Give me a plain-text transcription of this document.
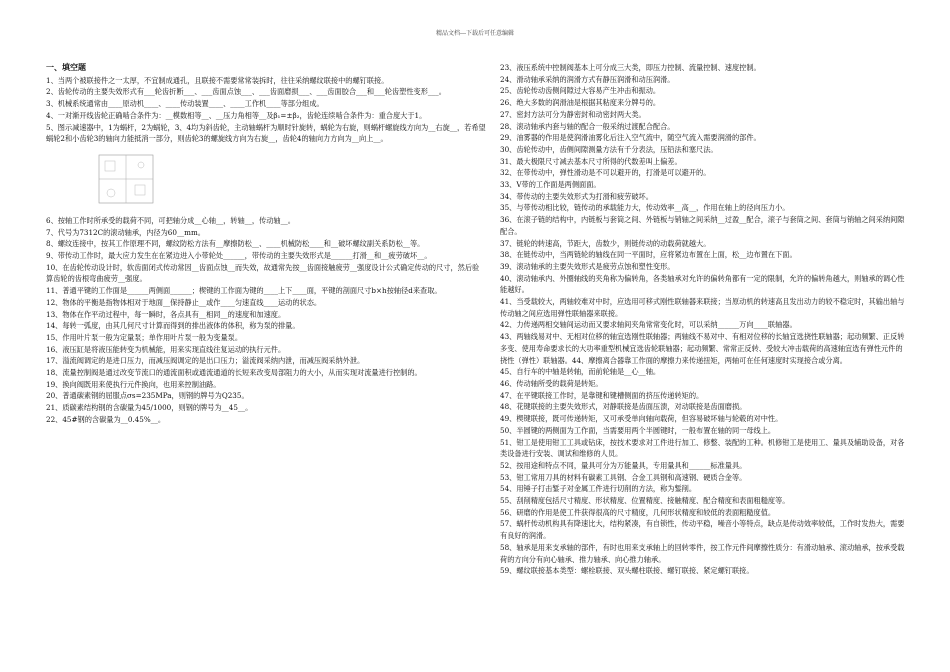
精品文档---下载后可任意编辑

一、填空题

1、当两个被联接件之一太厚，不宜制成通孔，且联接不需要常常装拆时，往往采纳螺纹联接中的螺钉联接。

2、齿轮传动的主要失效形式有___轮齿折断___、___齿面点蚀___、___齿面磨损___、___齿面胶合___和___轮齿塑性变形___。

3、机械系统通常由____原动机____、____传动装置____、____工作机____等部分组成。

4、一对渐开线齿轮正确啮合条件为：__模数相等__、__压力角相等__及β₁=±β₂，齿轮连续啮合条件为：重合度大于1。

5、图示减速器中，1为蜗杆，2为蜗轮，3、4均为斜齿轮，主动轴蜗杆为顺时针旋转，蜗轮为右旋，则蜗杆螺旋线方向为__右旋__，若希望蜗轮2和小齿轮3的轴向力能抵消一部分，则齿轮3的螺旋线方向为右旋__，齿轮4的轴向力方向为__向上__。

6、按轴工作时所承受的载荷不同，可把轴分成__心轴__，转轴__，传动轴__。

7、代号为7312C的滚动轴承，内径为60__mm。

8、螺纹连接中，按其工作原理不同，螺纹防松方法有__摩擦防松__、____机械防松____和__破坏螺纹副关系防松__等。

9、带传动工作时，最大应力发生在在紧边进入小带轮处______，带传动的主要失效形式是______打滑__和__疲劳破坏__。

10、在齿轮传动设计时，软齿面闭式传动常因__齿面点蚀__而失效，故通常先按__齿面接触疲劳__强度设计公式确定传动的尺寸，然后验算齿轮的齿根弯曲疲劳__强度。

11、普通平键的工作面是______两侧面______；楔键的工作面为键的____上下____面，平键的剖面尺寸b×h按轴径d来查取。

12、物体的平衡是指物体相对于地面__保持静止__或作____匀速直线____运动的状态。

13、物体在作平动过程中，每一瞬时，各点具有__相同__的速度和加速度。

14、每转一弧度，由其几何尺寸计算而得到的排出液体的体积，称为泵的排量。

15、作用叶片泵一般为定量泵；单作用叶片泵一般为变量泵。

16、液压缸是将液压能转变为机械能，用来实现直线往复运动的执行元件。

17、溢流阀调定的是进口压力，而减压阀调定的是出口压力；溢流阀采纳内泄，而减压阀采纳外泄。

18、流量控制阀是通过改变节流口的通流面积或通流通道的长短来改变局部阻力的大小，从而实现对流量进行控制的。

19、换向阀既用来使执行元件换向，也用来控制油路。

20、普通碳素钢的屈服点σs=235MPa，则钢的牌号为Q235。

21、质碳素结构钢的含碳量为45/1000，则钢的牌号为__45__。

22、45#钢的含碳量为__0.45%__。

23、液压系统中控制阀基本上可分成三大类，即压力控制、流量控制、速度控制。

24、滑动轴承采纳的润滑方式有静压润滑和动压润滑。

25、齿轮传动齿侧间隙过大容易产生冲击和振动。

26、绝大多数的润滑油是根据其粘度来分牌号的。

27、密封方法可分为静密封和动密封两大类。

28、滚动轴承内套与轴的配合一般采纳过渡配合配合。

29、油雾器的作用是使润滑油雾化后注入空气流中，随空气流入需要润滑的部件。

30、齿轮传动中，齿侧间隙测量方法有千分表法，压铅法和塞尺法。

31、最大极限尺寸减去基本尺寸所得的代数差叫上偏差。

32、在带传动中，弹性滑动是不可以避开的，打滑是可以避开的。

33、V带的工作面是两侧面面。

34、带传动的主要失效形式为打滑和疲劳破坏。

35、与带传动相比较，链传动的承载能力大，传动效率__高__，作用在轴上的径向压力小。

36、在滚子链的结构中，内链板与套筒之间、外链板与销轴之间采纳__过盈__配合，滚子与套筒之间、套筒与销轴之间采纳间隙配合。

37、链轮的转速高，节距大，齿数少，则链传动的动载荷就越大。

38、在链传动中，当两链轮的轴线在同一平面时，应将紧边布置在上面，松__边布置在下面。

39、滚动轴承的主要失效形式是疲劳点蚀和塑性变形。

40、滚动轴承内、外圈轴线的夹角称为偏转角，各类轴承对允许的偏转角都有一定的限制，允许的偏转角越大，则轴承的调心性能越好。

41、当受载较大，两轴较难对中时，应选用可移式刚性联轴器来联接；当原动机的转速高且发出动力的较不稳定时，其输出轴与传动轴之间应选用弹性联轴器来联接。

42、力传递两相交轴间运动而又要求轴间夹角常常变化时，可以采纳______万向____联轴器。

43、两轴线易对中、无相对位移的轴宜选刚性联轴器；两轴线不易对中、有相对位移的长轴宜选挠性联轴器；起动频繁、正反转多变、使用寿命要求长的大功率重型机械宜选齿轮联轴器；起动频繁、常常正反转、受较大冲击载荷的高速轴宜选有弹性元件的挠性（弹性）联轴器。44、摩擦离合器靠工作面的摩擦力来传递扭矩，两轴可在任何速度时实现接合或分离。

45、自行车的中轴是转轴，而前轮轴是__心__轴。

46、传动轴所受的载荷是转矩。

47、在平键联接工作时，是靠键和键槽侧面的挤压传递转矩的。

48、花键联接的主要失效形式，对静联接是齿面压溃，对动联接是齿面磨损。

49、楔键联接，既可传递转矩，又可承受单向轴向载荷，但容易破坏轴与轮毂的对中性。

50、半圆键的两侧面为工作面，当需要用两个半圆键时，一般布置在轴的同一母线上。

51、钳工是使用钳工工具或钻床，按技术要求对工件进行加工、修整、装配的工种。机修钳工是使用工、量具及辅助设备，对各类设备进行安装、调试和维修的人员。

52、按用途和特点不同，量具可分为万能量具，专用量具和______标准量具。

53、钳工常用刀具的材料有碳素工具钢、合金工具钢和高速钢、硬质合金等。

54、用锤子打击錾子对金属工件进行切削的方法，称为錾削。

55、刮削精度包括尺寸精度、形状精度、位置精度、接触精度、配合精度和表面粗糙度等。

56、研磨的作用是使工件获得很高的尺寸精度，几何形状精度和较低的表面粗糙度值。

57、蜗杆传动机构具有降速比大，结构紧凑，有自锁性，传动平稳，噪音小等特点，缺点是传动效率较低，工作时发热大，需要有良好的润滑。

58、轴承是用来支承轴的部件，有时也用来支承轴上的回转零件，按工作元件间摩擦性质分：有滑动轴承、滚动轴承，按承受载荷的方向分有向心轴承、推力轴承、向心推力轴承。

59、螺纹联接基本类型：螺栓联接、双头螺柱联接、螺钉联接、紧定螺钉联接。
